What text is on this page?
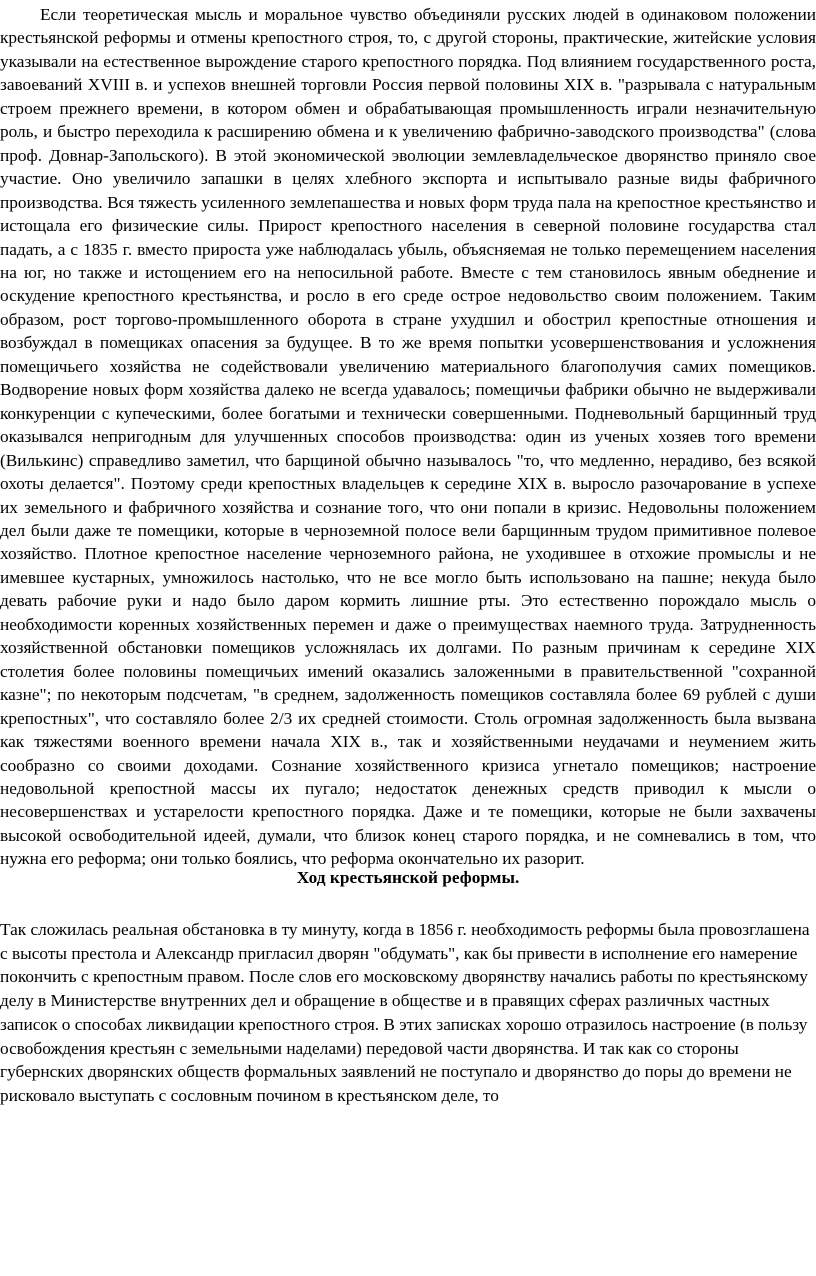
Если теоретическая мысль и моральное чувство объединяли русских людей в одинаковом положении крестьянской реформы и отмены крепостного строя, то, с другой стороны, практические, житейские условия указывали на естественное вырождение старого крепостного порядка. Под влиянием государственного роста, завоеваний XVIII в. и успехов внешней торговли Россия первой половины XIX в. "разрывала с натуральным строем прежнего времени, в котором обмен и обрабатывающая промышленность играли незначительную роль, и быстро переходила к расширению обмена и к увеличению фабрично-заводского производства" (слова проф. Довнар-Запольского). В этой экономической эволюции землевладельческое дворянство приняло свое участие. Оно увеличило запашки в целях хлебного экспорта и испытывало разные виды фабричного производства. Вся тяжесть усиленного землепашества и новых форм труда пала на крепостное крестьянство и истощала его физические силы. Прирост крепостного населения в северной половине государства стал падать, а с 1835 г. вместо прироста уже наблюдалась убыль, объясняемая не только перемещением населения на юг, но также и истощением его на непосильной работе. Вместе с тем становилось явным обеднение и оскудение крепостного крестьянства, и росло в его среде острое недовольство своим положением. Таким образом, рост торгово-промышленного оборота в стране ухудшил и обострил крепостные отношения и возбуждал в помещиках опасения за будущее. В то же время попытки усовершенствования и усложнения помещичьего хозяйства не содействовали увеличению материального благополучия самих помещиков. Водворение новых форм хозяйства далеко не всегда удавалось; помещичьи фабрики обычно не выдерживали конкуренции с купеческими, более богатыми и технически совершенными. Подневольный барщинный труд оказывался непригодным для улучшенных способов производства: один из ученых хозяев того времени (Вилькинс) справедливо заметил, что барщиной обычно называлось "то, что медленно, нерадиво, без всякой охоты делается". Поэтому среди крепостных владельцев к середине XIX в. выросло разочарование в успехе их земельного и фабричного хозяйства и сознание того, что они попали в кризис. Недовольны положением дел были даже те помещики, которые в черноземной полосе вели барщинным трудом примитивное полевое хозяйство. Плотное крепостное население черноземного района, не уходившее в отхожие промыслы и не имевшее кустарных, умножилось настолько, что не все могло быть использовано на пашне; некуда было девать рабочие руки и надо было даром кормить лишние рты. Это естественно порождало мысль о необходимости коренных хозяйственных перемен и даже о преимуществах наемного труда. Затрудненность хозяйственной обстановки помещиков усложнялась их долгами. По разным причинам к середине XIX столетия более половины помещичьих имений оказались заложенными в правительственной "сохранной казне"; по некоторым подсчетам, "в среднем, задолженность помещиков составляла более 69 рублей с души крепостных", что составляло более 2/3 их средней стоимости. Столь огромная задолженность была вызвана как тяжестями военного времени начала XIX в., так и хозяйственными неудачами и неумением жить сообразно со своими доходами. Сознание хозяйственного кризиса угнетало помещиков; настроение недовольной крепостной массы их пугало; недостаток денежных средств приводил к мысли о несовершенствах и устарелости крепостного порядка. Даже и те помещики, которые не были захвачены высокой освободительной идеей, думали, что близок конец старого порядка, и не сомневались в том, что нужна его реформа; они только боялись, что реформа окончательно их разорит.

Ход крестьянской реформы.

Так сложилась реальная обстановка в ту минуту, когда в 1856 г. необходимость реформы была провозглашена с высоты престола и Александр пригласил дворян "обдумать", как бы привести в исполнение его намерение покончить с крепостным правом. После слов его московскому дворянству начались работы по крестьянскому делу в Министерстве внутренних дел и обращение в обществе и в правящих сферах различных частных записок о способах ликвидации крепостного строя. В этих записках хорошо отразилось настроение (в пользу освобождения крестьян с земельными наделами) передовой части дворянства. И так как со стороны губернских дворянских обществ формальных заявлений не поступало и дворянство до поры до времени не рисковало выступать с сословным почином в крестьянском деле, то
